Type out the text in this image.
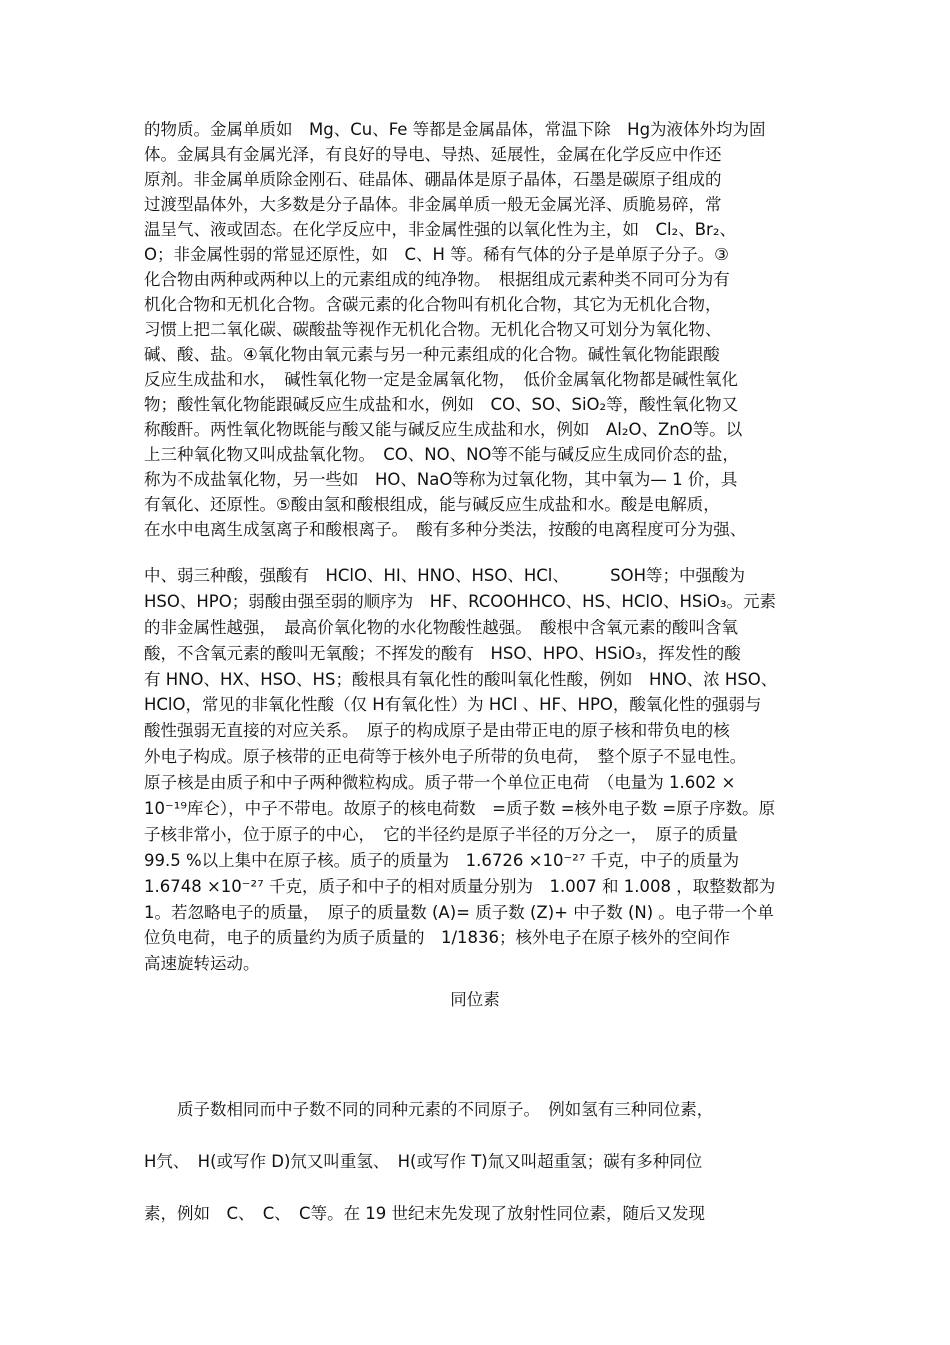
的物质。金属单质如　Mg、Cu、Fe 等都是金属晶体，常温下除　Hg为液体外均为固
体。金属具有金属光泽，有良好的导电、导热、延展性，金属在化学反应中作还
原剂。非金属单质除金刚石、硅晶体、硼晶体是原子晶体，石墨是碳原子组成的
过渡型晶体外，大多数是分子晶体。非金属单质一般无金属光泽、质脆易碎，常
温呈气、液或固态。在化学反应中，非金属性强的以氧化性为主，如　Cl₂、Br₂、
O；非金属性弱的常显还原性，如　C、H 等。稀有气体的分子是单原子分子。③
化合物由两种或两种以上的元素组成的纯净物。　根据组成元素种类不同可分为有
机化合物和无机化合物。含碳元素的化合物叫有机化合物，其它为无机化合物，
习惯上把二氧化碳、碳酸盐等视作无机化合物。无机化合物又可划分为氧化物、
碱、酸、盐。④氧化物由氧元素与另一种元素组成的化合物。碱性氧化物能跟酸
反应生成盐和水，　碱性氧化物一定是金属氧化物，　低价金属氧化物都是碱性氧化
物；酸性氧化物能跟碱反应生成盐和水，例如　CO、SO、SiO₂等，酸性氧化物又
称酸酐。两性氧化物既能与酸又能与碱反应生成盐和水，例如　Al₂O、ZnO等。以
上三种氧化物又叫成盐氧化物。　CO、NO、NO等不能与碱反应生成同价态的盐，
称为不成盐氧化物，另一些如　HO、NaO等称为过氧化物，其中氧为— 1 价，具
有氧化、还原性。⑤酸由氢和酸根组成，能与碱反应生成盐和水。酸是电解质，
在水中电离生成氢离子和酸根离子。　酸有多种分类法，按酸的电离程度可分为强、
中、弱三种酸，强酸有　HClO、HI、HNO、HSO、HCl、　　　SOH等；中强酸为
HSO、HPO；弱酸由强至弱的顺序为　HF、RCOOHHCO、HS、HClO、HSiO₃。元素
的非金属性越强，　最高价氧化物的水化物酸性越强。　酸根中含氧元素的酸叫含氧
酸，不含氧元素的酸叫无氧酸；不挥发的酸有　HSO、HPO、HSiO₃，挥发性的酸
有 HNO、HX、HSO、HS；酸根具有氧化性的酸叫氧化性酸，例如　HNO、浓 HSO、
HClO，常见的非氧化性酸（仅 H有氧化性）为 HCl 、HF、HPO，酸氧化性的强弱与
酸性强弱无直接的对应关系。　原子的构成原子是由带正电的原子核和带负电的核
外电子构成。原子核带的正电荷等于核外电子所带的负电荷，　整个原子不显电性。
原子核是由质子和中子两种微粒构成。质子带一个单位正电荷　（电量为 1.602 ×
10⁻¹⁹库仑），中子不带电。故原子的核电荷数　=质子数 =核外电子数 =原子序数。原
子核非常小，位于原子的中心，　它的半径约是原子半径的万分之一，　原子的质量
99.5 %以上集中在原子核。质子的质量为　1.6726 ×10⁻²⁷ 千克，中子的质量为
1.6748 ×10⁻²⁷ 千克，质子和中子的相对质量分别为　1.007 和 1.008 ，取整数都为
1。若忽略电子的质量，　原子的质量数 (A)= 质子数 (Z)+ 中子数 (N) 。电子带一个单
位负电荷，电子的质量约为质子质量的　1/1836；核外电子在原子核外的空间作
高速旋转运动。
同位素
　　质子数相同而中子数不同的同种元素的不同原子。　例如氢有三种同位素，
H氕、　H(或写作 D)氘又叫重氢、　H(或写作 T)氚又叫超重氢；碳有多种同位
素，例如　C、　C、　C等。在 19 世纪末先发现了放射性同位素，随后又发现
